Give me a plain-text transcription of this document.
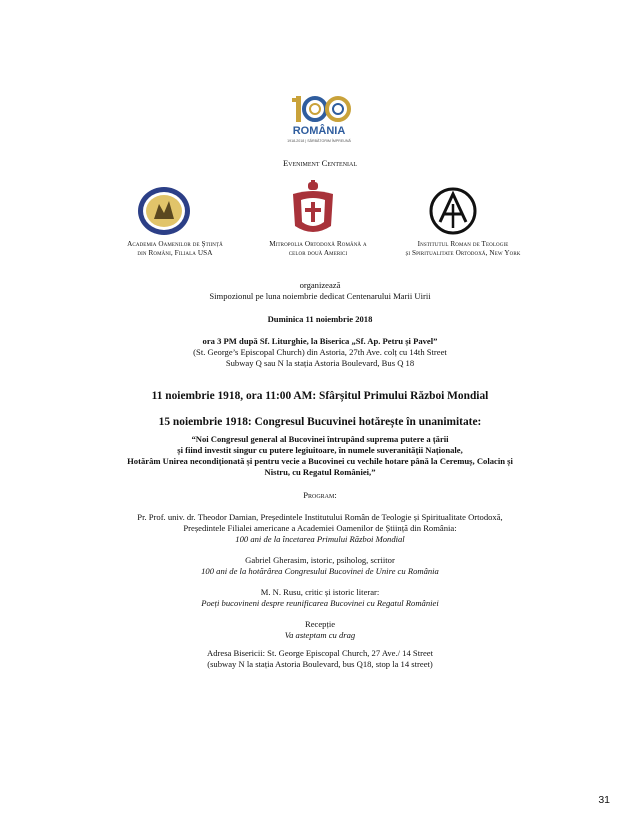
ROMÂNIA
1918-2018 | SĂRBĂTORIM ÎMPREUNĂ
Eveniment Centenial
Academia Oamenilor de Știință
din Români, Filiala USA
Mitropolia Ortodoxă Română a
celor două Americi
Institutul Roman de Teologie
și Spiritualitate Ortodoxă, New York
organizează
Simpozionul pe luna noiembrie dedicat Centenarului Marii Uirii
Duminica 11 noiembrie 2018
ora 3 PM după Sf. Liturghie, la Biserica „Sf. Ap. Petru și Pavel”
(St. George’s Episcopal Church) din Astoria, 27th Ave. colț cu 14th Street
Subway Q sau N la stația Astoria Boulevard, Bus Q 18
11 noiembrie 1918, ora 11:00 AM: Sfârșitul Primului Război Mondial
15 noiembrie 1918: Congresul Bucuvinei hotărește în unanimitate:
“Noi Congresul general al Bucovinei întrupând suprema putere a țării
și fiind investit singur cu putere legiuitoare, în numele suveranității Naționale,
Hotărâm Unirea necondiționată și pentru vecie a Bucovinei cu vechile hotare până la Ceremuș, Colacin și
Nistru, cu Regatul României,”
Program:
Pr. Prof. univ. dr. Theodor Damian, Președintele Institutului Român de Teologie și Spiritualitate Ortodoxă,
Președintele Filialei americane a Academiei Oamenilor de Știință din România:
100 ani de la încetarea Primului Război Mondial
Gabriel Gherasim, istoric, psiholog, scriitor
100 ani de la hotărârea Congresului Bucovinei de Unire cu România
M. N. Rusu, critic și istoric literar:
Poeți bucovineni despre reunificarea Bucovinei cu Regatul României
Recepție
Va asteptam cu drag
Adresa Bisericii: St. George Episcopal Church, 27 Ave./ 14 Street
(subway N la stația Astoria Boulevard, bus Q18, stop la 14 street)
31
